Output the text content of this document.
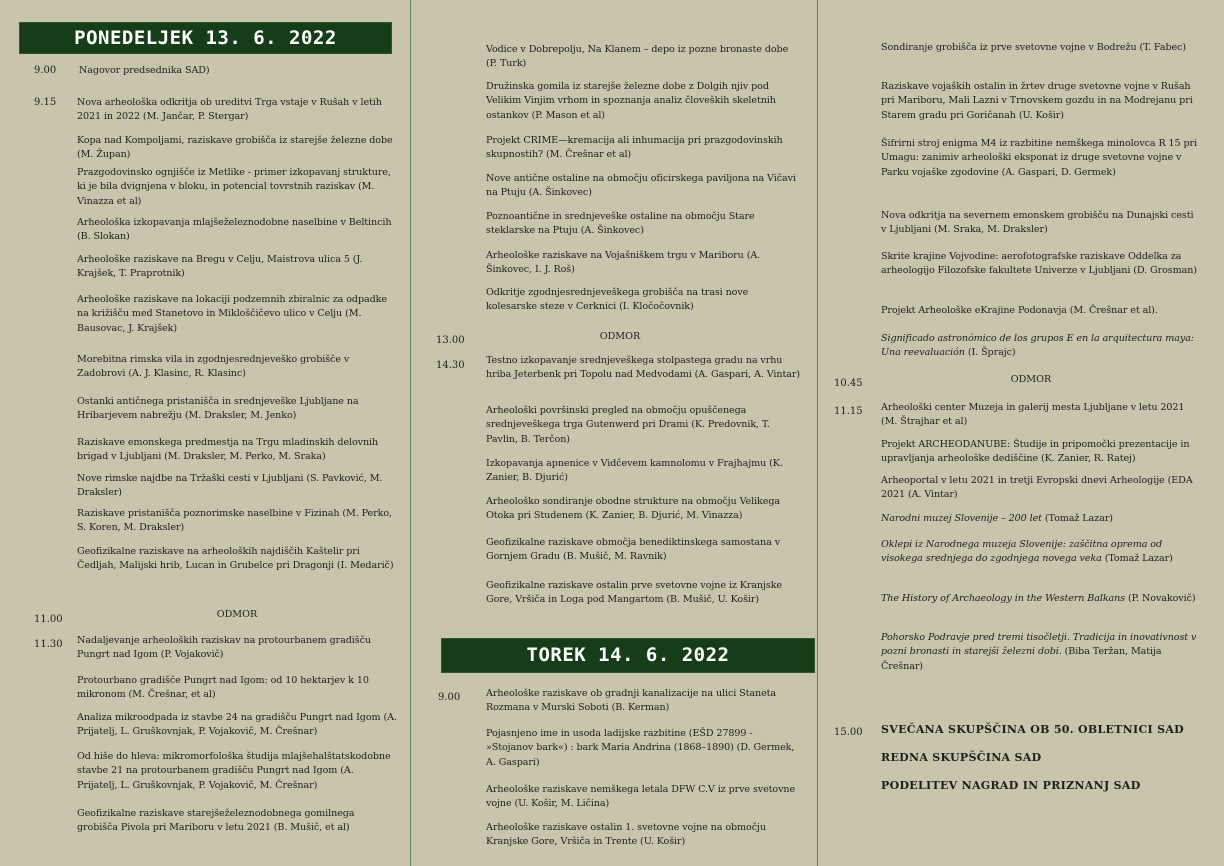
PONEDELJEK 13. 6. 2022
9.00 Nagovor predsednika SAD)
9.15 Nova arheološka odkritja ob ureditvi Trga vstaje v Rušah v letih 2021 in 2022 (M. Jančar, P. Stergar)
Kopa nad Kompoljami, raziskave grobišča iz starejše železne dobe (M. Župan)
Prazgodovinsko ognjišče iz Metlike - primer izkopavanj strukture, ki je bila dvignjena v bloku, in potencial tovrstnih raziskav (M. Vinazza et al)
Arheološka izkopavanja mlajšeželeznodobne naselbine v Beltincih (B. Slokan)
Arheološke raziskave na Bregu v Celju, Maistrova ulica 5 (J. Krajšek, T. Praprotnik)
Arheološke raziskave na lokaciji podzemnih zbiralnic za odpadke na križišču med Stanetovo in Mikloščičevo ulico v Celju (M. Bausovac, J. Krajšek)
Morebitna rimska vila in zgodnjesrednjeveško grobišče v Zadobrovi (A. J. Klasinc, R. Klasinc)
Ostanki antičnega pristanišča in srednjeveške Ljubljane na Hribarjevem nabrežju (M. Draksler, M. Jenko)
Raziskave emonskega predmestja na Trgu mladinskih delovnih brigad v Ljubljani (M. Draksler, M. Perko, M. Sraka)
Nove rimske najdbe na Tržaški cesti v Ljubljani (S. Pavković, M. Draksler)
Raziskave pristanišča poznorimske naselbine v Fizinah (M. Perko, S. Koren, M. Draksler)
Geofizikalne raziskave na arheoloških najdiščih Kaštelir pri Čedljah, Malijski hrib, Lucan in Grubelce pri Dragonji (I. Medarič)
11.00	ODMOR
11.30 Nadaljevanje arheoloških raziskav na protourbanem gradišču Pungrt nad Igom (P. Vojakovič)
Protourbano gradišče Pungrt nad Igom: od 10 hektarjev k 10 mikronom (M. Črešnar, et al)
Analiza mikroodpada iz stavbe 24 na gradišču Pungrt nad Igom (A. Prijatelj, L. Gruškovnjak, P. Vojakovič, M. Črešnar)
Od hiše do hleva: mikromorfološka študija mlajšehalštatskodobne stavbe 21 na protourbanem gradišču Pungrt nad Igom (A. Prijatelj, L. Gruškovnjak, P. Vojakovič, M. Črešnar)
Geofizikalne raziskave starejšeželeznodobnega gomilnega grobišča Pivola pri Mariboru v letu 2021 (B. Mušič, et al)
Vodice v Dobrepolju, Na Klanem – depo iz pozne bronaste dobe (P. Turk)
Družinska gomila iz starejše železne dobe z Dolgih njiv pod Velikim Vinjim vrhom in spoznanja analiz človeških skeletnih ostankov (P. Mason et al)
Projekt CRIME—kremacija ali inhumacija pri prazgodovinskih skupnostih? (M. Črešnar et al)
Nove antične ostaline na območju oficirskega paviljona na Vičavi na Ptuju (A. Šinkovec)
Poznoantične in srednjeveške ostaline na območju Stare steklarske na Ptuju (A. Šinkovec)
Arheološke raziskave na Vojašniškem trgu v Mariboru (A. Šinkovec, I. J. Roš)
Odkritje zgodnjesrednjeveškega grobišča na trasi nove kolesarske steze v Cerknici (I. Kločočovnik)
13.00	ODMOR
14.30 Testno izkopavanje srednjeveškega stolpastega gradu na vrhu hriba Jeterbenk pri Topolu nad Medvodami (A. Gaspari, A. Vintar)
Arheološki površinski pregled na območju opuščenega srednjeveškega trga Gutenwerd pri Drami (K. Predovnik, T. Pavlin, B. Terčon)
Izkopavanja apnenice v Vidčevem kamnolomu v Frajhajmu (K. Zanier, B. Djurić)
Arheološko sondiranje obodne strukture na območju Velikega Otoka pri Studenem (K. Zanier, B. Djurić, M. Vinazza)
Geofizikalne raziskave območja benediktinskega samostana v Gornjem Gradu (B. Mušič, M. Ravnik)
Geofizikalne raziskave ostalin prve svetovne vojne iz Kranjske Gore, Vršiča in Loga pod Mangartom (B. Mušič, U. Košir)
TOREK 14. 6. 2022
9.00	Arheološke raziskave ob gradnji kanalizacije na ulici Staneta Rozmana v Murski Soboti (B. Kerman)
Pojasnjeno ime in usoda ladijske razbitine (EŠD 27899 - »Stojanov bark«) : bark Maria Andrina (1868–1890) (D. Germek, A. Gaspari)
Arheološke raziskave nemškega letala DFW C.V iz prve svetovne vojne (U. Košir, M. Ličina)
Arheološke raziskave ostalin 1. svetovne vojne na območju Kranjske Gore, Vršiča in Trente (U. Košir)
Sondiranje grobišča iz prve svetovne vojne v Bodrežu (T. Fabec)
Raziskave vojaških ostalin in žrtev druge svetovne vojne v Rušah pri Mariboru, Mali Lazni v Trnovskem gozdu in na Modrejanu pri Starem gradu pri Goričanah (U. Košir)
Šifrirni stroj enigma M4 iz razbitine nemškega minolovca R 15 pri Umagu: zanimiv arheološki eksponat iz druge svetovne vojne v Parku vojaške zgodovine (A. Gaspari, D. Germek)
Nova odkritja na severnem emonskem grobišču na Dunajski cesti v Ljubljani (M. Sraka, M. Draksler)
Skrite krajine Vojvodine: aerofotografske raziskave Oddelka za arheologijo Filozofske fakultete Univerze v Ljubljani (D. Grosman)
Projekt Arheološke eKrajine Podonavja (M. Črešnar et al).
Significado astronómico de los grupos E en la arquitectura maya: Una reevaluación (I. Šprajc)
10.45	ODMOR
11.15 Arheološki center Muzeja in galerij mesta Ljubljane v letu 2021 (M. Štrajhar et al)
Projekt ARCHEODANUBE: Študije in pripomočki prezentacije in upravljanja arheološke dediščine (K. Zanier, R. Ratej)
Arheoportal v letu 2021 in tretji Evropski dnevi Arheologije (EDA 2021 (A. Vintar)
Narodni muzej Slovenije – 200 let (Tomaž Lazar)
Oklepi iz Narodnega muzeja Slovenije: zaščitna oprema od visokega srednjega do zgodnjega novega veka (Tomaž Lazar)
The History of Archaeology in the Western Balkans (P. Novakovič)
Pohorsko Podravje pred tremi tisočletji. Tradicija in inovativnost v pozni bronasti in starejši železni dobi. (Biba Teržan, Matija Črešnar)
15.00 SVEČANA SKUPŠČINA OB 50. OBLETNICI SAD
REDNA SKUPŠČINA SAD
PODELITEV NAGRAD IN PRIZNANJ SAD
